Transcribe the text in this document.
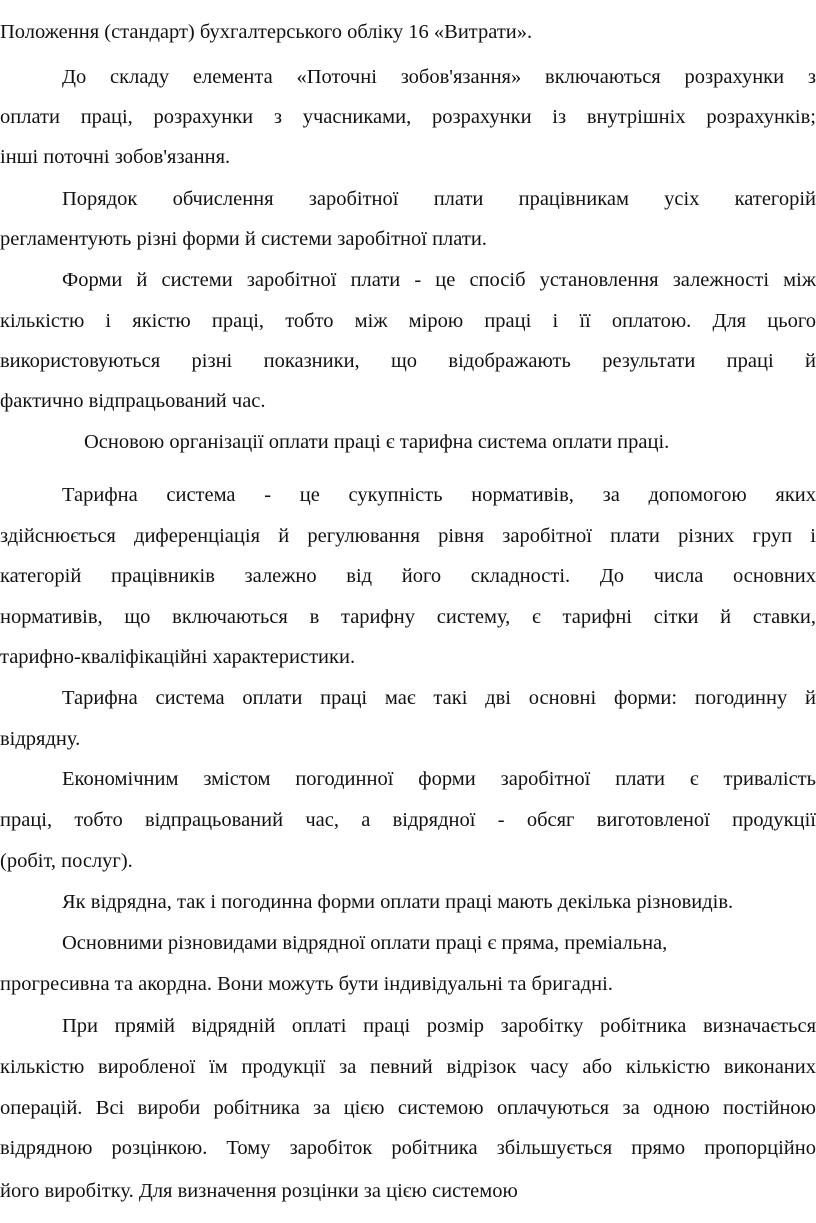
Положення (стандарт) бухгалтерського обліку 16 «Витрати».
До складу елемента «Поточні зобов'язання» включаються розрахунки з
оплати праці, розрахунки з учасниками, розрахунки із внутрішніх розрахунків;
інші поточні зобов'язання.
Порядок обчислення заробітної плати працівникам усіх категорій
регламентують різні форми й системи заробітної плати.
Форми й системи заробітної плати - це спосіб установлення залежності між
кількістю і якістю праці, тобто між мірою праці і її оплатою. Для цього
використовуються різні показники, що відображають результати праці й
фактично відпрацьований час.
Основою організації оплати праці є тарифна система оплати праці.
Тарифна система - це сукупність нормативів, за допомогою яких
здійснюється диференціація й регулювання рівня заробітної плати різних груп і
категорій працівників залежно від його складності. До числа основних
нормативів, що включаються в тарифну систему, є тарифні сітки й ставки,
тарифно-кваліфікаційні характеристики.
Тарифна система оплати праці має такі дві основні форми: погодинну й
відрядну.
Економічним змістом погодинної форми заробітної плати є тривалість
праці, тобто відпрацьований час, а відрядної - обсяг виготовленої продукції
(робіт, послуг).
Як відрядна, так і погодинна форми оплати праці мають декілька різновидів.
Основними різновидами відрядної оплати праці є пряма, преміальна,
прогресивна та акордна. Вони можуть бути індивідуальні та бригадні.
При прямій відрядній оплаті праці розмір заробітку робітника визначається
кількістю виробленої їм продукції за певний відрізок часу або кількістю виконаних
операцій. Всі вироби робітника за цією системою оплачуються за одною постійною
відрядною розцінкою. Тому заробіток робітника збільшується прямо пропорційно
його виробітку. Для визначення розцінки за цією системою
